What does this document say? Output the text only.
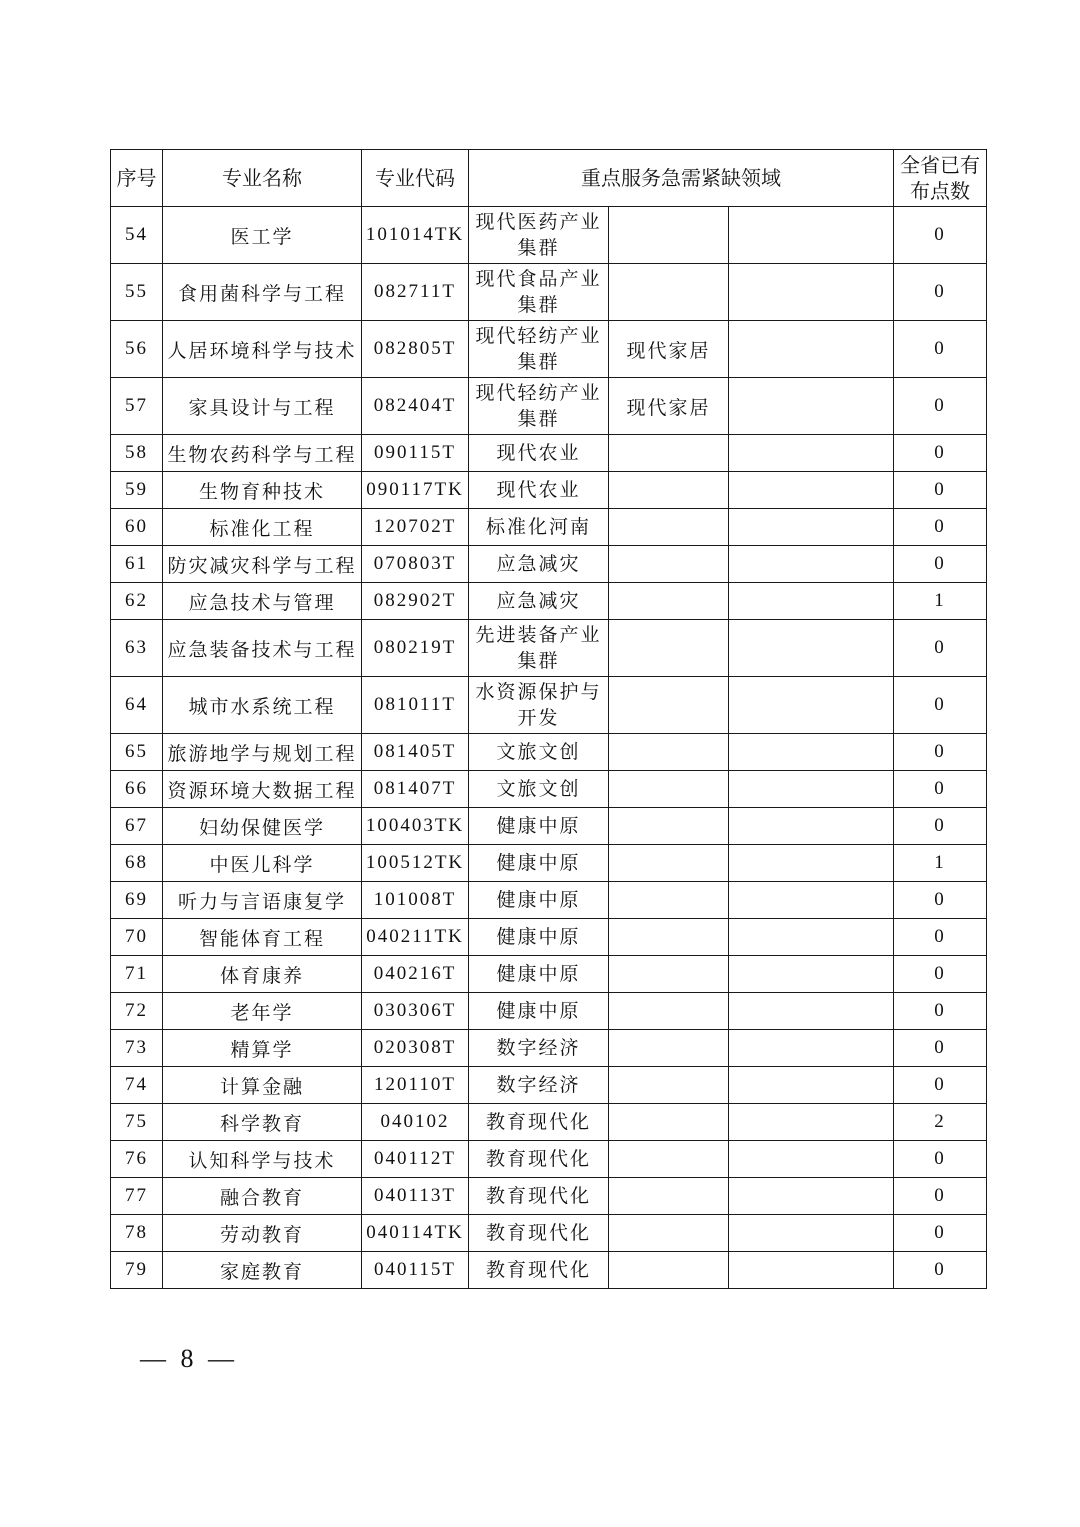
序号	专业名称	专业代码	重点服务急需紧缺领域			全省已有布点数

54	医工学	101014TK	现代医药产业集群			0
55	食用菌科学与工程	082711T	现代食品产业集群			0
56	人居环境科学与技术	082805T	现代轻纺产业集群	现代家居		0
57	家具设计与工程	082404T	现代轻纺产业集群	现代家居		0
58	生物农药科学与工程	090115T	现代农业			0
59	生物育种技术	090117TK	现代农业			0
60	标准化工程	120702T	标准化河南			0
61	防灾减灾科学与工程	070803T	应急减灾			0
62	应急技术与管理	082902T	应急减灾			1
63	应急装备技术与工程	080219T	先进装备产业集群			0
64	城市水系统工程	081011T	水资源保护与开发			0
65	旅游地学与规划工程	081405T	文旅文创			0
66	资源环境大数据工程	081407T	文旅文创			0
67	妇幼保健医学	100403TK	健康中原			0
68	中医儿科学	100512TK	健康中原			1
69	听力与言语康复学	101008T	健康中原			0
70	智能体育工程	040211TK	健康中原			0
71	体育康养	040216T	健康中原			0
72	老年学	030306T	健康中原			0
73	精算学	020308T	数字经济			0
74	计算金融	120110T	数字经济			0
75	科学教育	040102	教育现代化			2
76	认知科学与技术	040112T	教育现代化			0
77	融合教育	040113T	教育现代化			0
78	劳动教育	040114TK	教育现代化			0
79	家庭教育	040115T	教育现代化			0
— 8 —
